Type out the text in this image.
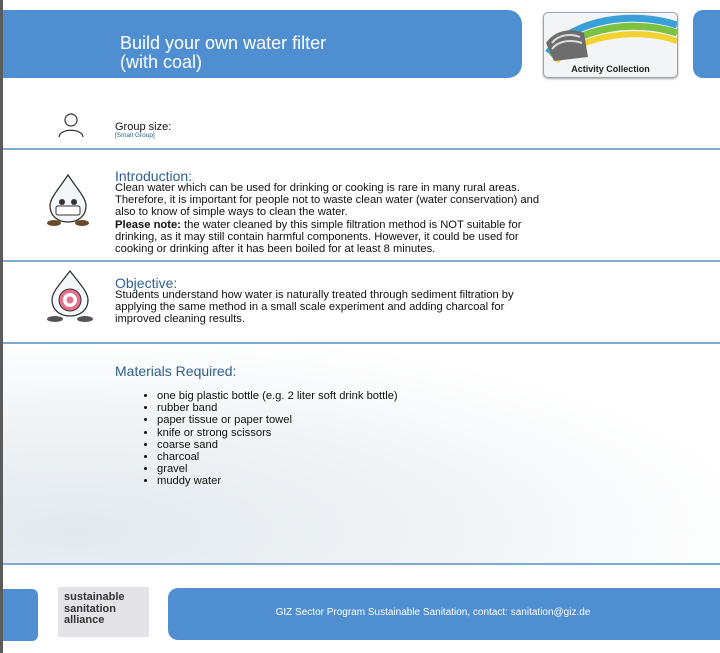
Build your own water filter
(with coal)	Activity Collection
Group size:
[Small Group]
Introduction:
Clean water which can be used for drinking or cooking is rare in many rural areas.
Therefore, it is important for people not to waste clean water (water conservation) and
also to know of simple ways to clean the water.
Please note: the water cleaned by this simple filtration method is NOT suitable for
drinking, as it may still contain harmful components. However, it could be used for
cooking or drinking after it has been boiled for at least 8 minutes.
Objective:
Students understand how water is naturally treated through sediment filtration by
applying the same method in a small scale experiment and adding charcoal for
improved cleaning results.
Materials Required:
• one big plastic bottle (e.g. 2 liter soft drink bottle)
• rubber band
• paper tissue or paper towel
• knife or strong scissors
• coarse sand
• charcoal
• gravel
• muddy water
sustainable
sanitation
alliance
GIZ Sector Program Sustainable Sanitation, contact: sanitation@giz.de
